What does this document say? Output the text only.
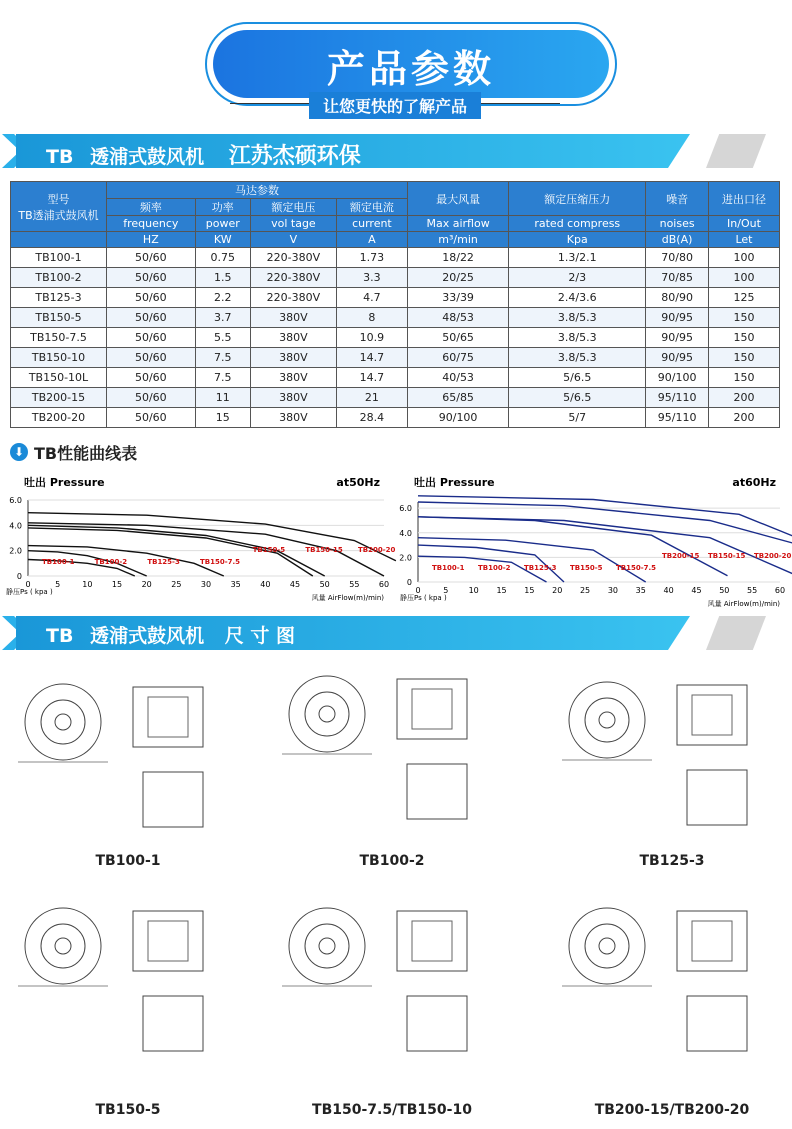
产品参数
让您更快的了解产品
TB 透浦式鼓风机 江苏杰硕环保
型号
TB透浦式鼓风机	马达参数				最大风量	额定压缩压力	噪音	进出口径
	频率	功率	额定电压	额定电流				
	frequency	power	vol tage	current	Max airflow	rated compress	noises	In/Out
	HZ	KW	V	A	m³/min	Kpa	dB(A)	Let
TB100-1	50/60	0.75	220-380V	1.73	18/22	1.3/2.1	70/80	100
TB100-2	50/60	1.5	220-380V	3.3	20/25	2/3	70/85	100
TB125-3	50/60	2.2	220-380V	4.7	33/39	2.4/3.6	80/90	125
TB150-5	50/60	3.7	380V	8	48/53	3.8/5.3	90/95	150
TB150-7.5	50/60	5.5	380V	10.9	50/65	3.8/5.3	90/95	150
TB150-10	50/60	7.5	380V	14.7	60/75	3.8/5.3	90/95	150
TB150-10L	50/60	7.5	380V	14.7	40/53	5/6.5	90/100	150
TB200-15	50/60	11	380V	21	65/85	5/6.5	95/110	200
TB200-20	50/60	15	380V	28.4	90/100	5/7	95/110	200
⬇ TB性能曲线表
吐出 Pressure	at50Hz
0
2.0
4.0
6.0
0	5	10 15 20 25 30 35 40 45 50 55 60
静压Ps ( kpa )
风量 AirFlow(m)/min)
TB100-1	TB100-2	TB125-3	TB150-7.5
TB150-5	TB150-15 TB200-20
吐出 Pressure	at60Hz
0
2.0
4.0
6.0
0	5	10 15 15 20 25 30 35 40 45 50 55 60
静压Ps ( kpa )
风量 AirFlow(m)/min)
TB100-1 TB100-2 TB125-3 TB150-5 TB150-7.5
TB200-15 TB150-15 TB200-20
TB 透浦式鼓风机 尺 寸 图
TB100-1	TB100-2	TB125-3
TB150-5	TB150-7.5/TB150-10	TB200-15/TB200-20
